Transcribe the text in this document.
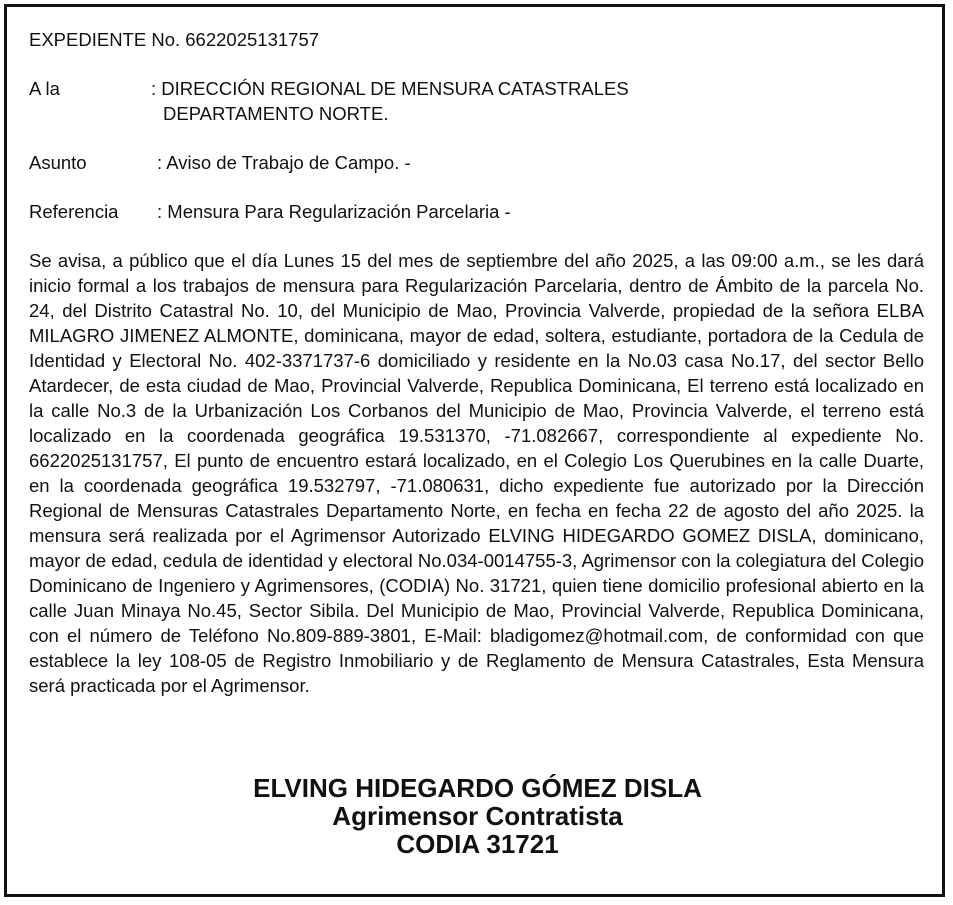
EXPEDIENTE No. 6622025131757
A la	: DIRECCIÓN REGIONAL DE MENSURA CATASTRALES
DEPARTAMENTO NORTE.
Asunto	: Aviso de Trabajo de Campo. -
Referencia : Mensura Para Regularización Parcelaria -
Se avisa, a público que el día Lunes 15 del mes de septiembre del año 2025, a las 09:00 a.m., se les dará inicio formal a los trabajos de mensura para Regularización Parcelaria, dentro de Ámbito de la parcela No. 24, del Distrito Catastral No. 10, del Municipio de Mao, Provincia Valverde, propiedad de la señora ELBA MILAGRO JIMENEZ ALMONTE, dominicana, mayor de edad, soltera, estudiante, portadora de la Cedula de Identidad y Electoral No. 402-3371737-6 domiciliado y residente en la No.03 casa No.17, del sector Bello Atardecer, de esta ciudad de Mao, Provincial Valverde, Republica Dominicana, El terreno está localizado en la calle No.3 de la Urbanización Los Corbanos del Municipio de Mao, Provincia Valverde, el terreno está localizado en la coordenada geográfica 19.531370, -71.082667, correspondiente al expediente No. 6622025131757, El punto de encuentro estará localizado, en el Colegio Los Querubines en la calle Duarte, en la coordenada geográfica 19.532797, -71.080631, dicho expediente fue autorizado por la Dirección Regional de Mensuras Catastrales Departamento Norte, en fecha en fecha 22 de agosto del año 2025. la mensura será realizada por el Agrimensor Autorizado ELVING HIDEGARDO GOMEZ DISLA, dominicano, mayor de edad, cedula de identidad y electoral No.034-0014755-3, Agrimensor con la colegiatura del Colegio Dominicano de Ingeniero y Agrimensores, (CODIA) No. 31721, quien tiene domicilio profesional abierto en la calle Juan Minaya No.45, Sector Sibila. Del Municipio de Mao, Provincial Valverde, Republica Dominicana, con el número de Teléfono No.809-889-3801, E-Mail: bladigomez@hotmail.com, de conformidad con que establece la ley 108-05 de Registro Inmobiliario y de Reglamento de Mensura Catastrales, Esta Mensura será practicada por el Agrimensor.
ELVING HIDEGARDO GÓMEZ DISLA
Agrimensor Contratista
CODIA 31721
